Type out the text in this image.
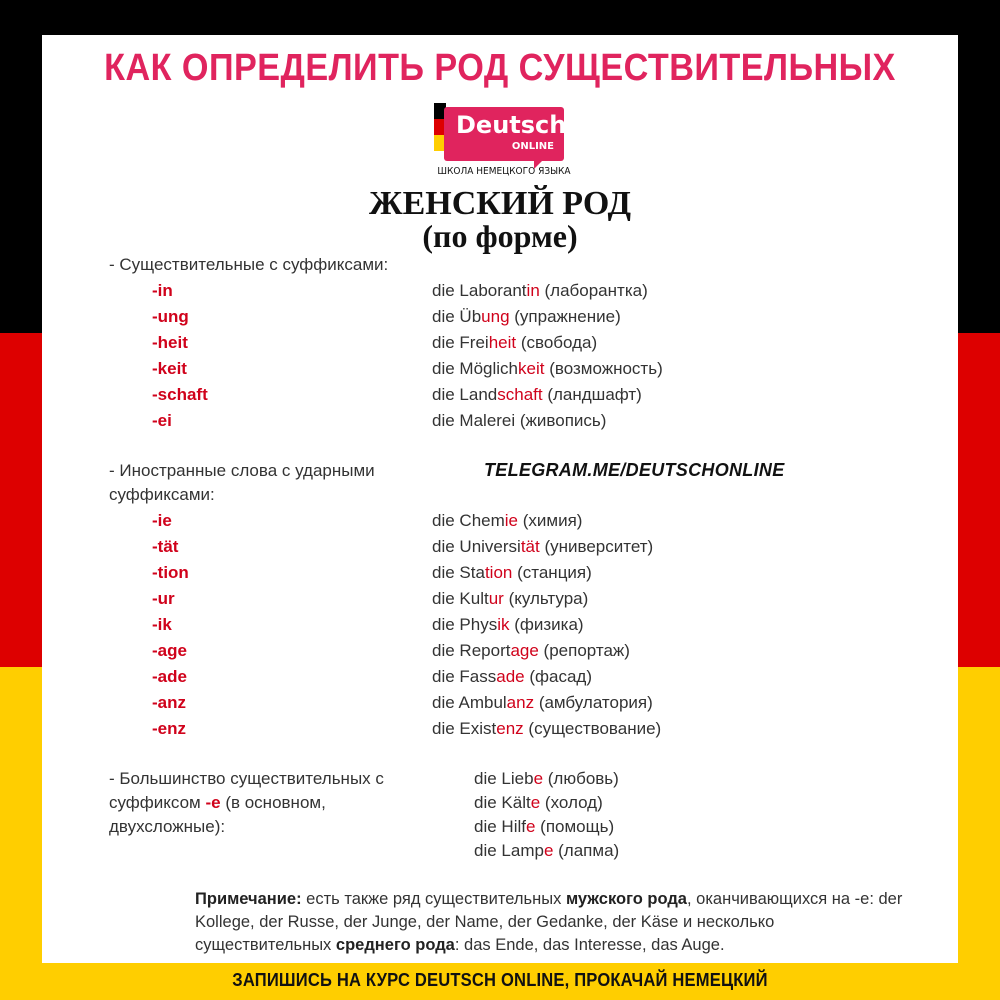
КАК ОПРЕДЕЛИТЬ РОД СУЩЕСТВИТЕЛЬНЫХ
Deutsch
ONLINE
ШКОЛА НЕМЕЦКОГО ЯЗЫКА
ЖЕНСКИЙ РОД
(по форме)
- Существительные с суффиксами:
-in	die Laborantin (лаборантка)
-ung	die Übung (упражнение)
-heit	die Freiheit (свобода)
-keit	die Möglichkeit (возможность)
-schaft	die Landschaft (ландшафт)
-ei	die Malerei (живопись)
TELEGRAM.ME/DEUTSCHONLINE
- Иностранные слова с ударными
суффиксами:
-ie	die Chemie (химия)
-tät	die Universität (университет)
-tion	die Station (станция)
-ur	die Kultur (культура)
-ik	die Physik (физика)
-age	die Reportage (репортаж)
-ade	die Fassade (фасад)
-anz	die Ambulanz (амбулатория)
-enz	die Existenz (существование)
- Большинство существительных с
суффиксом -e (в основном,
двухсложные):
die Liebe (любовь)
die Kälte (холод)
die Hilfe (помощь)
die Lampe (лапма)
Примечание: есть также ряд существительных мужского рода, оканчивающихся на -е: der Kollege, der Russe, der Junge, der Name, der Gedanke, der Käse и несколько существительных среднего рода: das Ende, das Interesse, das Auge.
ЗАПИШИСЬ НА КУРС DEUTSCH ONLINE, ПРОКАЧАЙ НЕМЕЦКИЙ
